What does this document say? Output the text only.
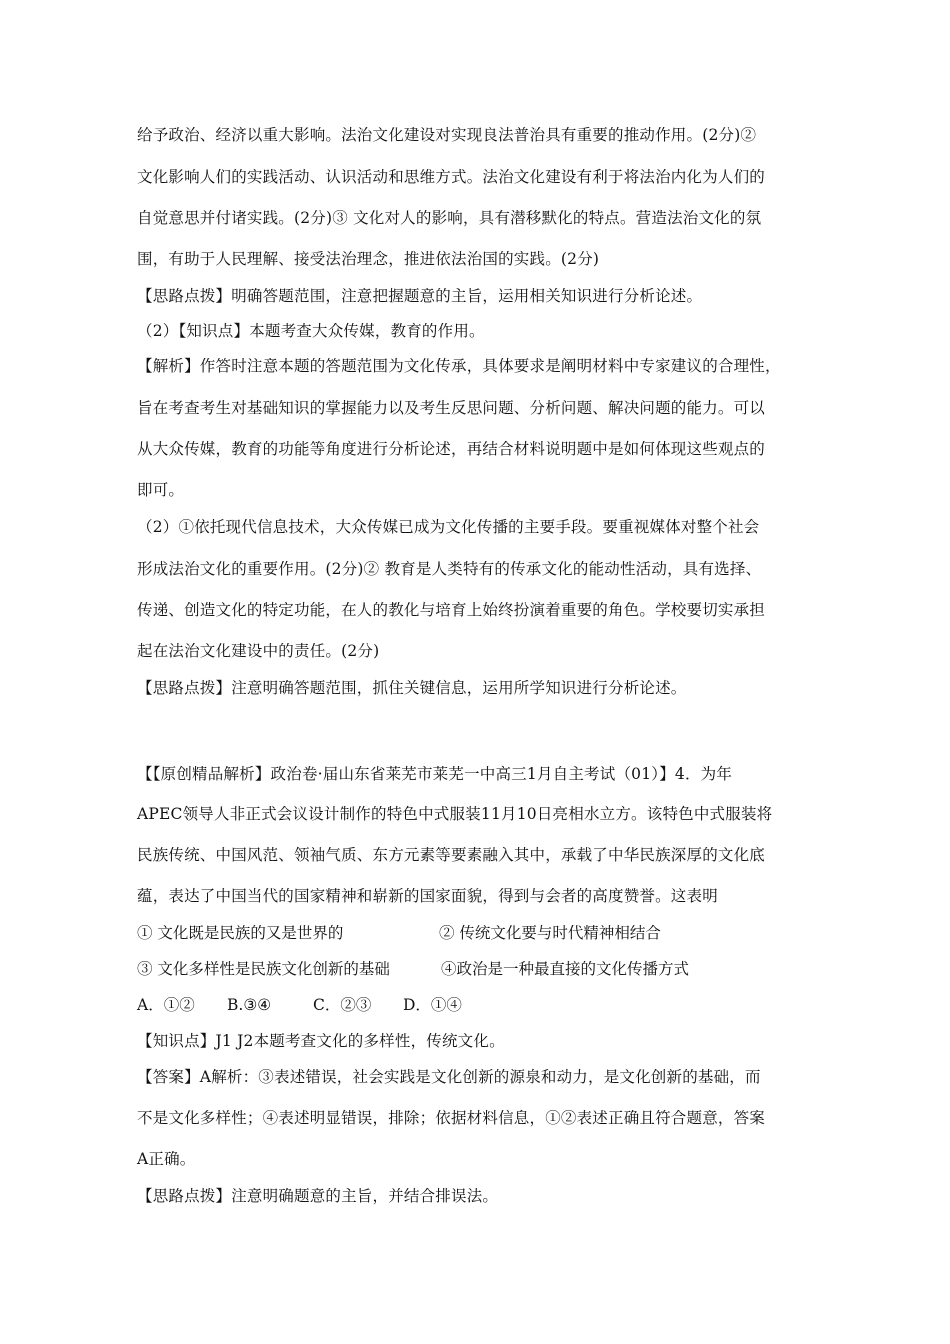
给予政治、经济以重大影响。法治文化建设对实现良法普治具有重要的推动作用。(2分)②
文化影响人们的实践活动、认识活动和思维方式。法治文化建设有利于将法治内化为人们的
自觉意思并付诸实践。(2分)③ 文化对人的影响，具有潜移默化的特点。营造法治文化的氛
围，有助于人民理解、接受法治理念，推进依法治国的实践。(2分)
【思路点拨】明确答题范围，注意把握题意的主旨，运用相关知识进行分析论述。
（2）【知识点】本题考查大众传媒，教育的作用。
【解析】作答时注意本题的答题范围为文化传承，具体要求是阐明材料中专家建议的合理性，
旨在考查考生对基础知识的掌握能力以及考生反思问题、分析问题、解决问题的能力。可以
从大众传媒，教育的功能等角度进行分析论述，再结合材料说明题中是如何体现这些观点的
即可。
（2）①依托现代信息技术，大众传媒已成为文化传播的主要手段。要重视媒体对整个社会
形成法治文化的重要作用。(2分)② 教育是人类特有的传承文化的能动性活动，具有选择、
传递、创造文化的特定功能，在人的教化与培育上始终扮演着重要的角色。学校要切实承担
起在法治文化建设中的责任。(2分)
【思路点拨】注意明确答题范围，抓住关键信息，运用所学知识进行分析论述。
【【原创精品解析】政治卷·届山东省莱芜市莱芜一中高三1月自主考试（01）】4．为年
APEC领导人非正式会议设计制作的特色中式服装11月10日亮相水立方。该特色中式服装将
民族传统、中国风范、领袖气质、东方元素等要素融入其中，承载了中华民族深厚的文化底
蕴，表达了中国当代的国家精神和崭新的国家面貌，得到与会者的高度赞誉。这表明
① 文化既是民族的又是世界的	② 传统文化要与时代精神相结合
③ 文化多样性是民族文化创新的基础	④政治是一种最直接的文化传播方式
A．①② B.③④	C．②③ D．①④
【知识点】J1 J2本题考查文化的多样性，传统文化。
【答案】A解析：③表述错误，社会实践是文化创新的源泉和动力，是文化创新的基础，而
不是文化多样性；④表述明显错误，排除；依据材料信息，①②表述正确且符合题意，答案
A正确。
【思路点拨】注意明确题意的主旨，并结合排误法。
